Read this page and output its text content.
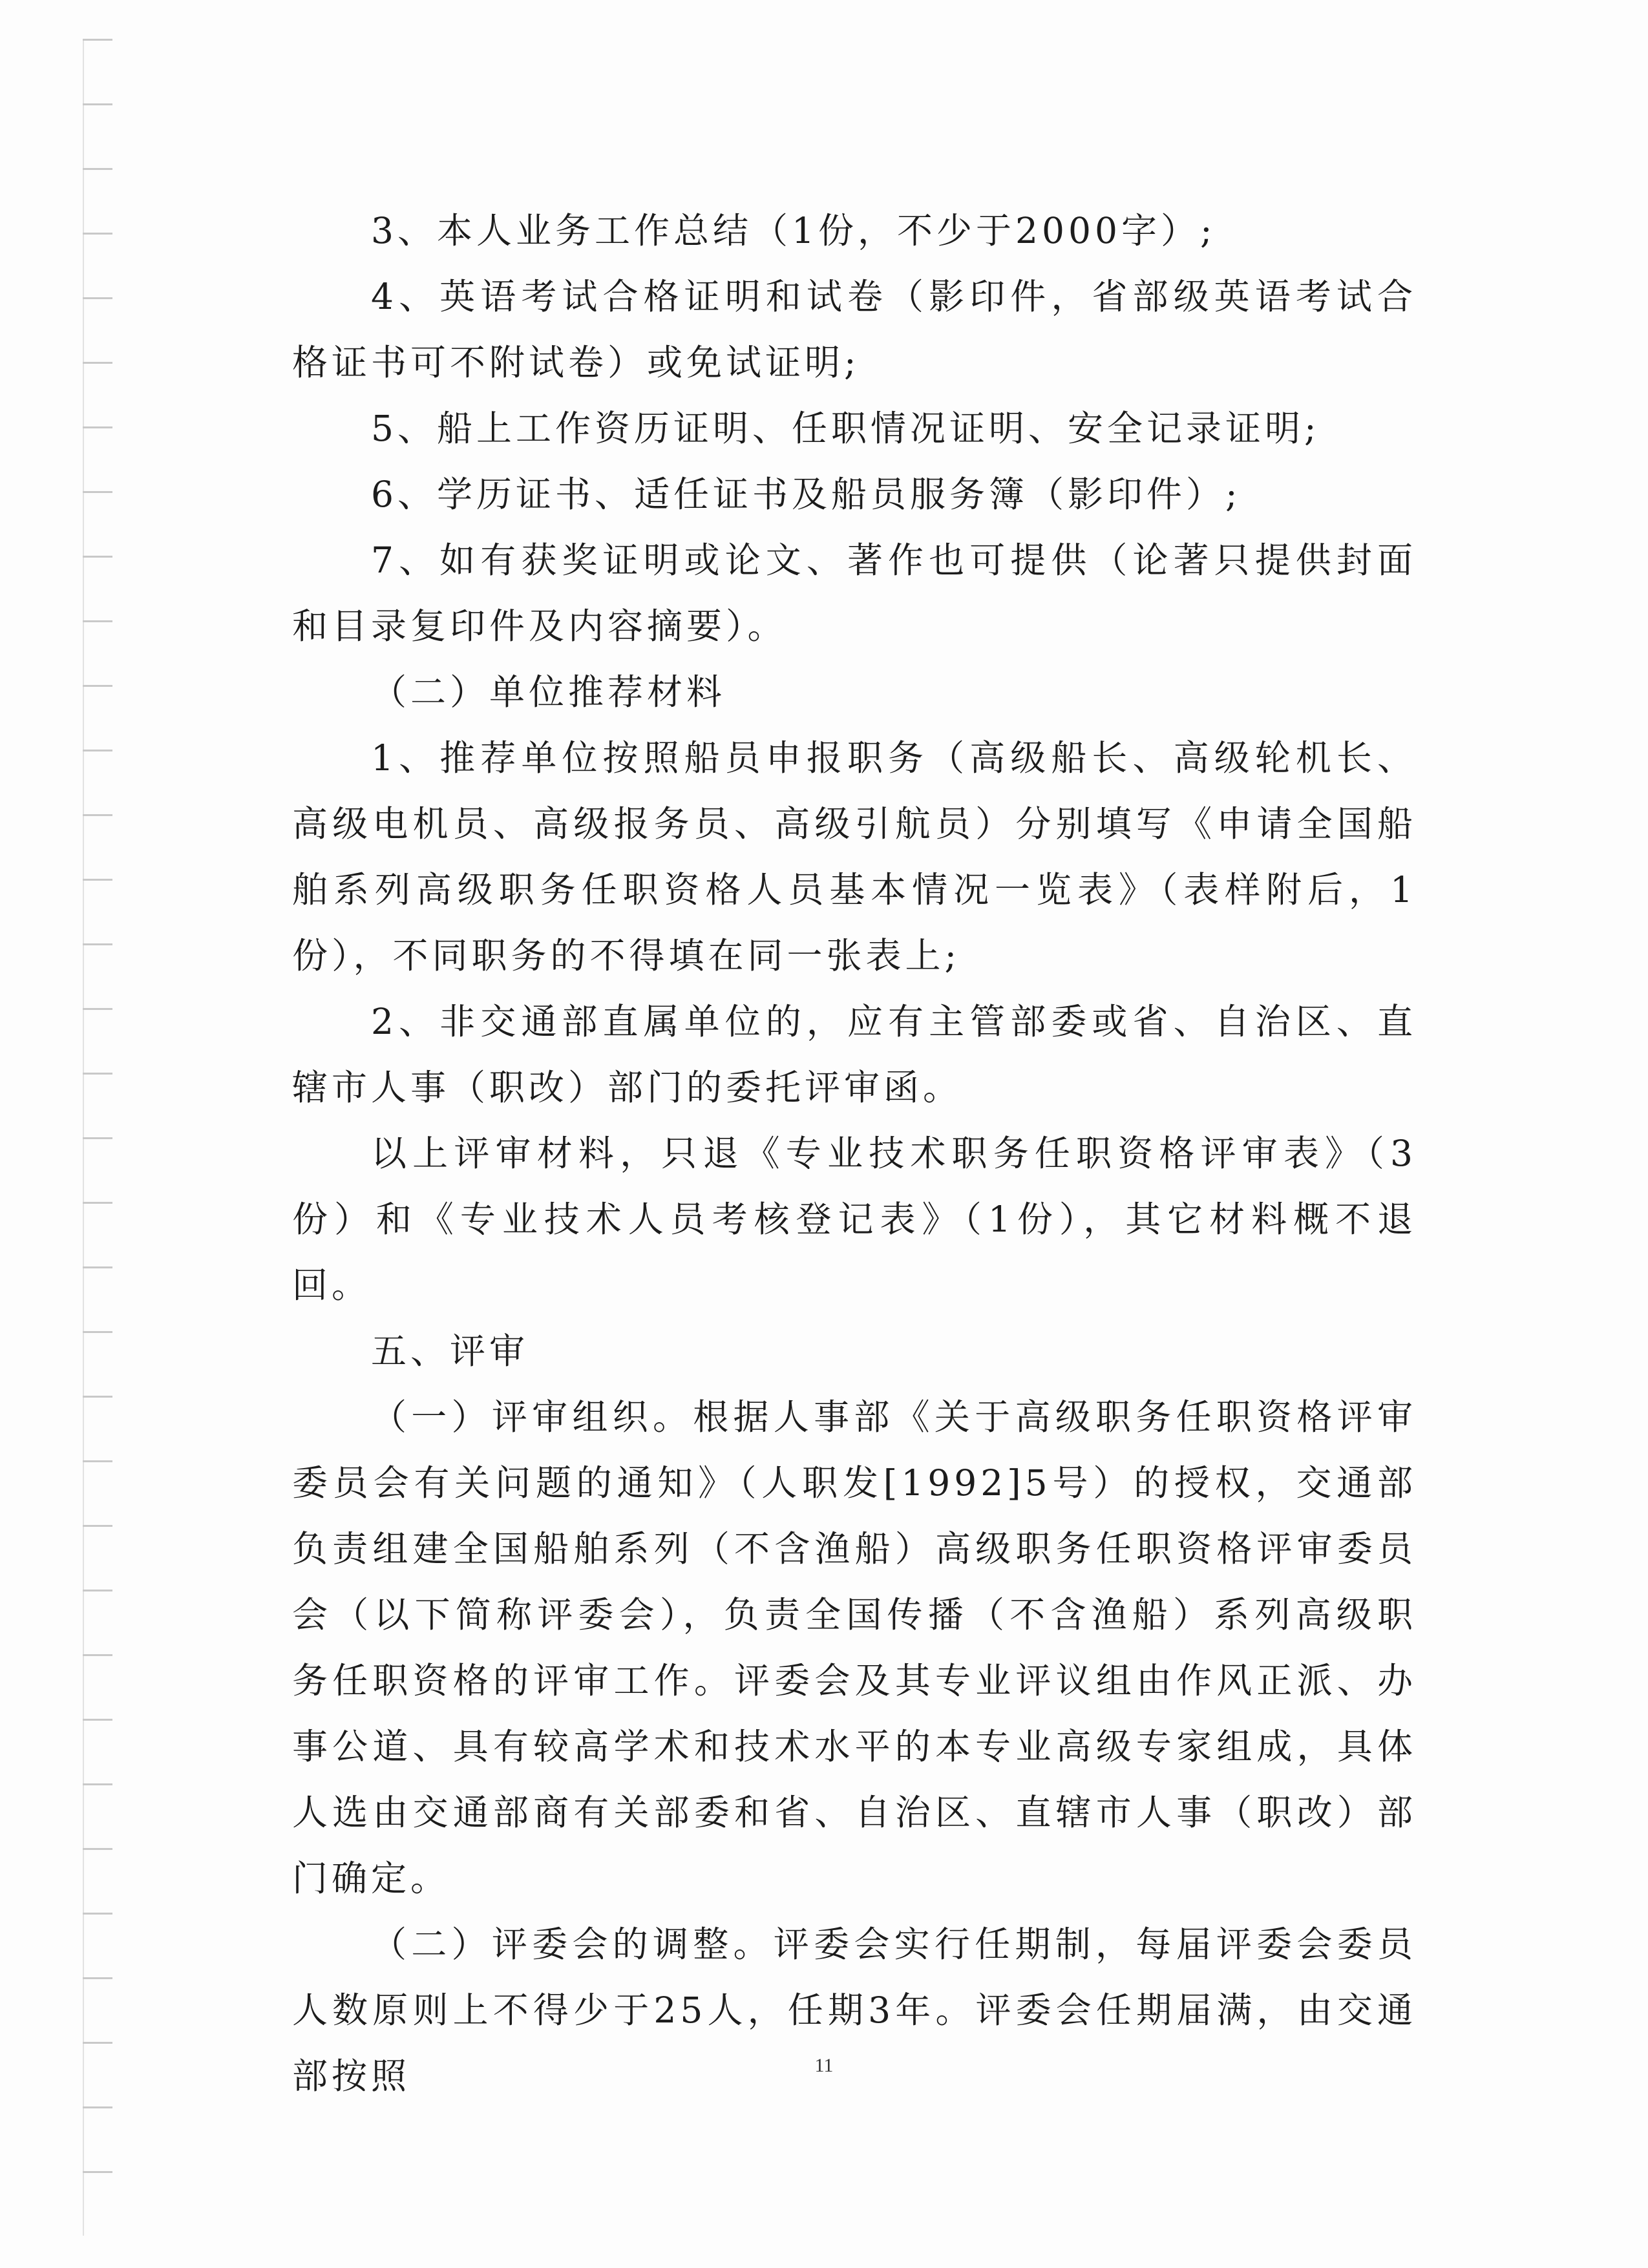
3、本人业务工作总结（1份，不少于2000字）;

4、英语考试合格证明和试卷（影印件，省部级英语考试合格证书可不附试卷）或免试证明;

5、船上工作资历证明、任职情况证明、安全记录证明;

6、学历证书、适任证书及船员服务簿（影印件）;

7、如有获奖证明或论文、著作也可提供（论著只提供封面和目录复印件及内容摘要）。

（二）单位推荐材料

1、推荐单位按照船员申报职务（高级船长、高级轮机长、高级电机员、高级报务员、高级引航员）分别填写《申请全国船舶系列高级职务任职资格人员基本情况一览表》（表样附后，1份），不同职务的不得填在同一张表上;

2、非交通部直属单位的，应有主管部委或省、自治区、直辖市人事（职改）部门的委托评审函。

以上评审材料，只退《专业技术职务任职资格评审表》（3份）和《专业技术人员考核登记表》（1份），其它材料概不退回。

五、评审

（一）评审组织。根据人事部《关于高级职务任职资格评审委员会有关问题的通知》（人职发[1992]5号）的授权，交通部负责组建全国船舶系列（不含渔船）高级职务任职资格评审委员会（以下简称评委会），负责全国传播（不含渔船）系列高级职务任职资格的评审工作。评委会及其专业评议组由作风正派、办事公道、具有较高学术和技术水平的本专业高级专家组成，具体人选由交通部商有关部委和省、自治区、直辖市人事（职改）部门确定。

（二）评委会的调整。评委会实行任期制，每届评委会委员人数原则上不得少于25人，任期3年。评委会任期届满，由交通部按照	11
